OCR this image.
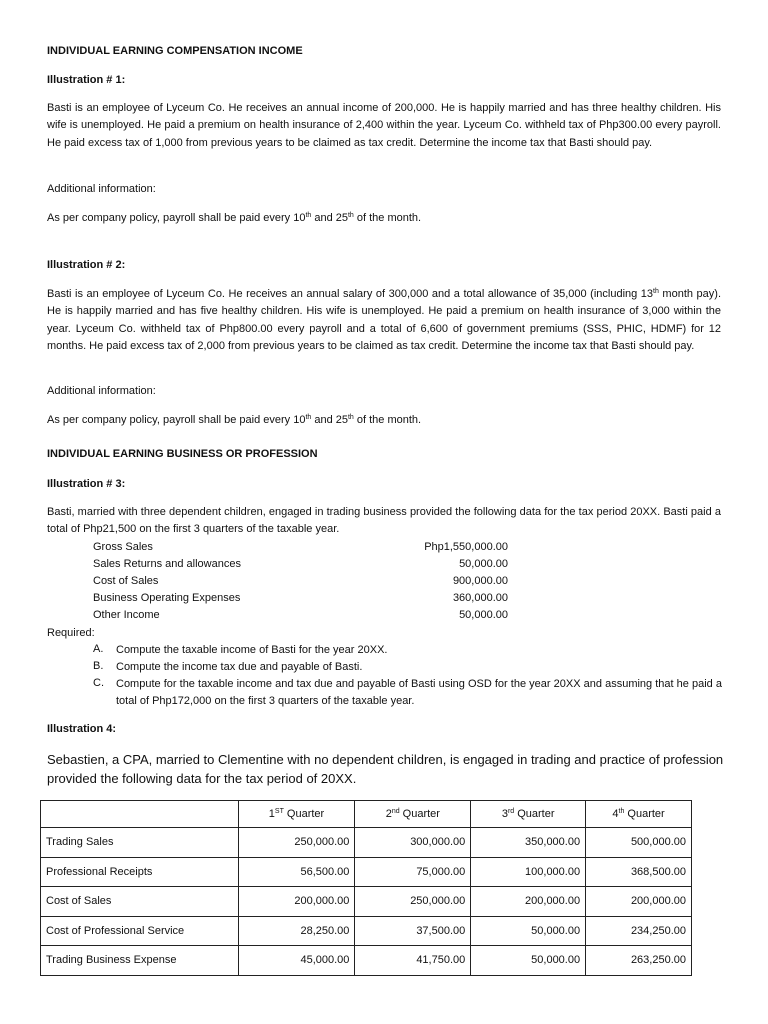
INDIVIDUAL EARNING COMPENSATION INCOME
Illustration # 1:
Basti is an employee of Lyceum Co. He receives an annual income of 200,000. He is happily married and has three healthy children. His wife is unemployed. He paid a premium on health insurance of 2,400 within the year. Lyceum Co. withheld tax of Php300.00 every payroll. He paid excess tax of 1,000 from previous years to be claimed as tax credit. Determine the income tax that Basti should pay.
Additional information:
As per company policy, payroll shall be paid every 10th and 25th of the month.
Illustration # 2:
Basti is an employee of Lyceum Co. He receives an annual salary of 300,000 and a total allowance of 35,000 (including 13th month pay). He is happily married and has five healthy children. His wife is unemployed. He paid a premium on health insurance of 3,000 within the year. Lyceum Co. withheld tax of Php800.00 every payroll and a total of 6,600 of government premiums (SSS, PHIC, HDMF) for 12 months. He paid excess tax of 2,000 from previous years to be claimed as tax credit. Determine the income tax that Basti should pay.
Additional information:
As per company policy, payroll shall be paid every 10th and 25th of the month.
INDIVIDUAL EARNING BUSINESS OR PROFESSION
Illustration # 3:
Basti, married with three dependent children, engaged in trading business provided the following data for the tax period 20XX. Basti paid a total of Php21,500 on the first 3 quarters of the taxable year.
Gross Sales	Php1,550,000.00
Sales Returns and allowances	50,000.00
Cost of Sales	900,000.00
Business Operating Expenses	360,000.00
Other Income	50,000.00
Required:
A. Compute the taxable income of Basti for the year 20XX.
B. Compute the income tax due and payable of Basti.
C. Compute for the taxable income and tax due and payable of Basti using OSD for the year 20XX and assuming that he paid a total of Php172,000 on the first 3 quarters of the taxable year.
Illustration 4:
Sebastien, a CPA, married to Clementine with no dependent children, is engaged in trading and practice of profession provided the following data for the tax period of 20XX.
	1ST Quarter	2nd Quarter	3rd Quarter	4th Quarter
Trading Sales	250,000.00	300,000.00	350,000.00	500,000.00
Professional Receipts	56,500.00	75,000.00	100,000.00	368,500.00
Cost of Sales	200,000.00	250,000.00	200,000.00	200,000.00
Cost of Professional Service	28,250.00	37,500.00	50,000.00	234,250.00
Trading Business Expense	45,000.00	41,750.00	50,000.00	263,250.00
